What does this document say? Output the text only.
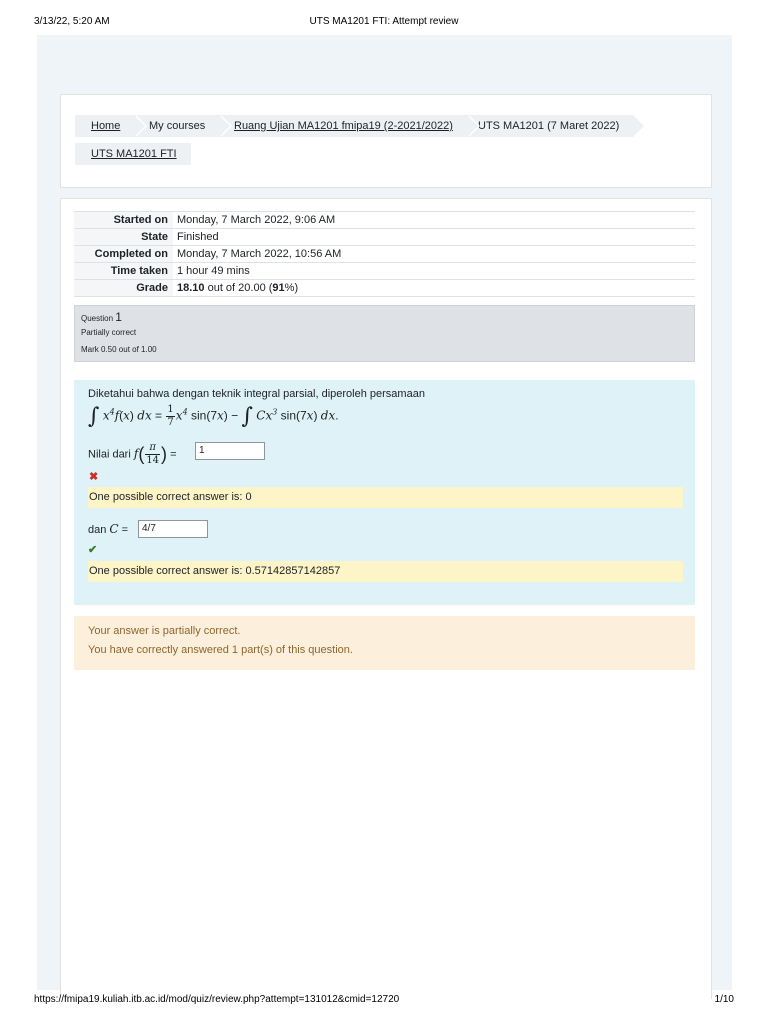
3/13/22, 5:20 AM	UTS MA1201 FTI: Attempt review
Home	My courses	Ruang Ujian MA1201 fmipa19 (2-2021/2022)	UTS MA1201 (7 Maret 2022)
UTS MA1201 FTI
Started on	Monday, 7 March 2022, 9:06 AM
State	Finished
Completed on	Monday, 7 March 2022, 10:56 AM
Time taken	1 hour 49 mins
Grade	18.10 out of 20.00 (91%)
Question 1
Partially correct
Mark 0.50 out of 1.00
Diketahui bahwa dengan teknik integral parsial, diperoleh persamaan
∫ $x^4f(x)$ dx = $\frac{1}{7} x^4$ sin(7x) − ∫ Cx$^3$ sin(7x) dx.
Nilai dari $f( \frac{\pi}{14}$ ) =	1
✖
One possible correct answer is: 0
dan C =	4/7
✔
One possible correct answer is: 0.57142857142857
Your answer is partially correct.
You have correctly answered 1 part(s) of this question.
https://fmipa19.kuliah.itb.ac.id/mod/quiz/review.php?attempt=131012&cmid=12720	1/10
